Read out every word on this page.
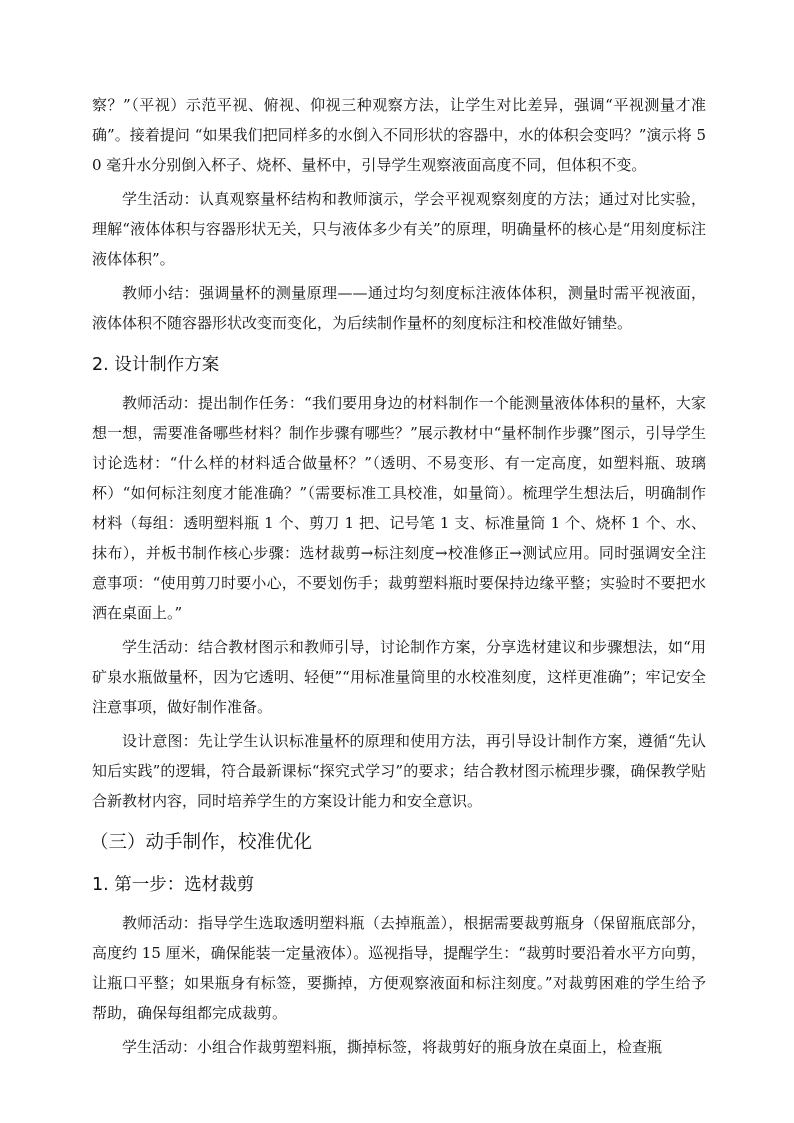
察？”（平视）示范平视、俯视、仰视三种观察方法，让学生对比差异，强调“平视测量才准确”。接着提问 “如果我们把同样多的水倒入不同形状的容器中，水的体积会变吗？”演示将 50 毫升水分别倒入杯子、烧杯、量杯中，引导学生观察液面高度不同，但体积不变。

学生活动：认真观察量杯结构和教师演示，学会平视观察刻度的方法；通过对比实验，理解“液体体积与容器形状无关，只与液体多少有关”的原理，明确量杯的核心是“用刻度标注液体体积”。

教师小结：强调量杯的测量原理——通过均匀刻度标注液体体积，测量时需平视液面，液体体积不随容器形状改变而变化，为后续制作量杯的刻度标注和校准做好铺垫。

2. 设计制作方案

教师活动：提出制作任务：“我们要用身边的材料制作一个能测量液体体积的量杯，大家想一想，需要准备哪些材料？制作步骤有哪些？”展示教材中“量杯制作步骤”图示，引导学生讨论选材：“什么样的材料适合做量杯？”（透明、不易变形、有一定高度，如塑料瓶、玻璃杯）“如何标注刻度才能准确？”（需要标准工具校准，如量筒）。梳理学生想法后，明确制作材料（每组：透明塑料瓶 1 个、剪刀 1 把、记号笔 1 支、标准量筒 1 个、烧杯 1 个、水、抹布），并板书制作核心步骤：选材裁剪→标注刻度→校准修正→测试应用。同时强调安全注意事项：“使用剪刀时要小心，不要划伤手；裁剪塑料瓶时要保持边缘平整；实验时不要把水洒在桌面上。”

学生活动：结合教材图示和教师引导，讨论制作方案，分享选材建议和步骤想法，如“用矿泉水瓶做量杯，因为它透明、轻便”“用标准量筒里的水校准刻度，这样更准确”；牢记安全注意事项，做好制作准备。

设计意图：先让学生认识标准量杯的原理和使用方法，再引导设计制作方案，遵循“先认知后实践”的逻辑，符合最新课标“探究式学习”的要求；结合教材图示梳理步骤，确保教学贴合新教材内容，同时培养学生的方案设计能力和安全意识。

（三）动手制作，校准优化
1. 第一步：选材裁剪

教师活动：指导学生选取透明塑料瓶（去掉瓶盖），根据需要裁剪瓶身（保留瓶底部分，高度约 15 厘米，确保能装一定量液体）。巡视指导，提醒学生：“裁剪时要沿着水平方向剪，让瓶口平整；如果瓶身有标签，要撕掉，方便观察液面和标注刻度。”对裁剪困难的学生给予帮助，确保每组都完成裁剪。

学生活动：小组合作裁剪塑料瓶，撕掉标签，将裁剪好的瓶身放在桌面上，检查瓶
